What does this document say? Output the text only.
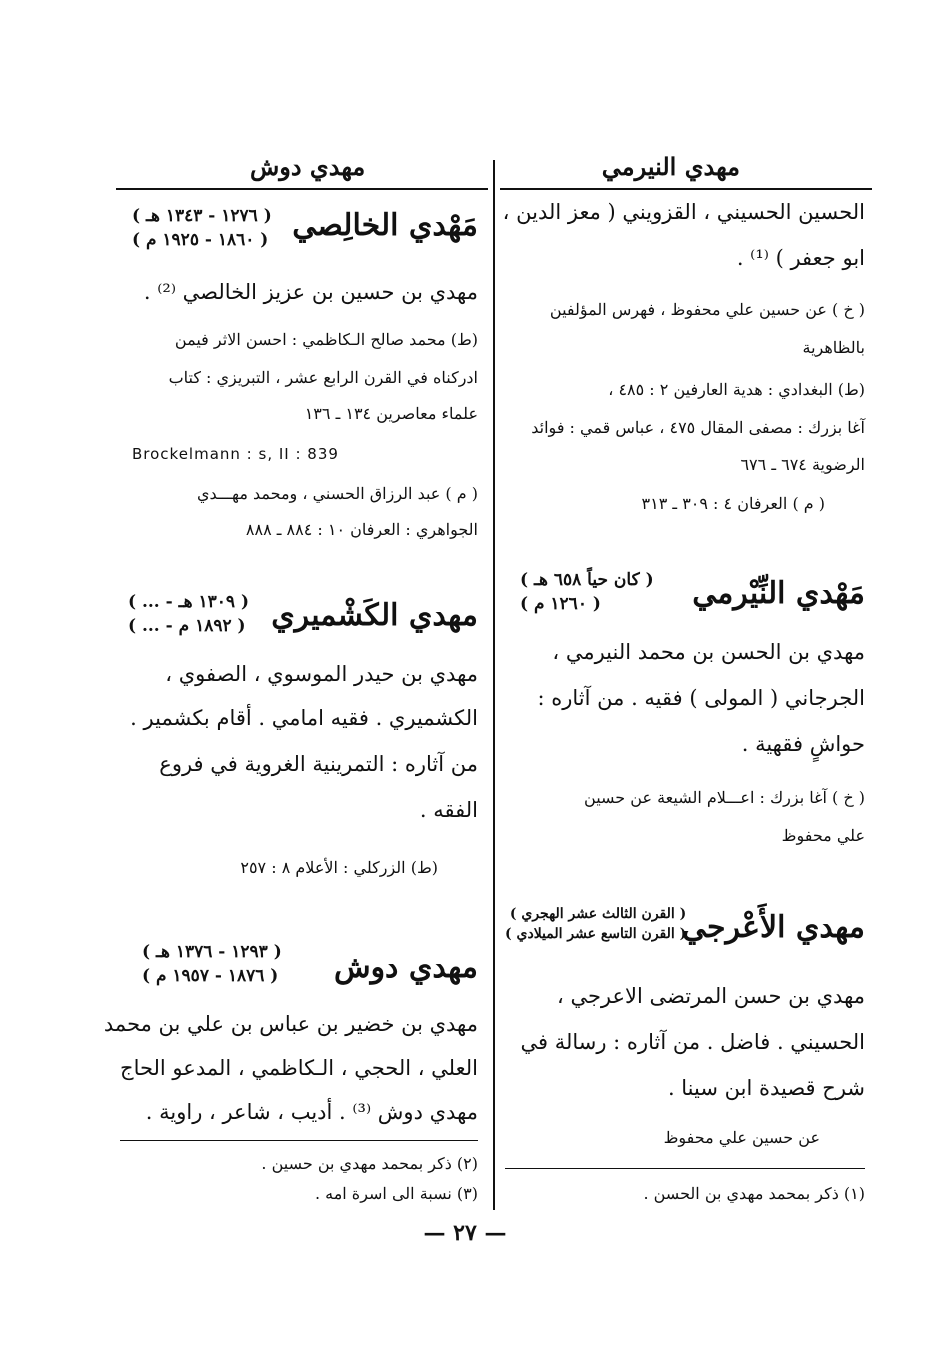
مهدي النيرمي
مهدي دوش
الحسين الحسيني ، القزويني ( معز الدين ،
ابو جعفر ) ⁽¹⁾ .
( خ ) عن حسين علي محفوظ ، فهرس المؤلفين
بالظاهرية
(ط) البغدادي : هدية العارفين ٢ : ٤٨٥ ،
آغا بزرك : مصفى المقال ٤٧٥ ، عباس قمي : فوائد
الرضوية ٦٧٤ ـ ٦٧٦
( م ) العرفان ٤ : ٣٠٩ ـ ٣١٣
مَهْدي النِّيْرمي
( كان حياً ٦٥٨ هـ )
( ١٢٦٠ م )
مهدي بن الحسن بن محمد النيرمي ،
الجرجاني ( المولى ) فقيه . من آثاره :
حواشٍ فقهية .
( خ ) آغا بزرك : اعـــلام الشيعة عن حسين
علي محفوظ
مهدي الأَعْرجي
( القرن الثالث عشر الهجري )
( القرن التاسع عشر الميلادي )
مهدي بن حسن المرتضى الاعرجي ،
الحسيني . فاضل . من آثاره : رسالة في
شرح قصيدة ابن سينا .
عن حسين علي محفوظ
(١) ذكر بمحمد مهدي بن الحسن .
مَهْدي الخالِصي
( ١٢٧٦ - ١٣٤٣ هـ )
( ١٨٦٠ - ١٩٢٥ م )
مهدي بن حسين بن عزيز الخالصي ⁽²⁾ .
(ط) محمد صالح الـكاظمي : احسن الاثر فيمن
ادركناه في القرن الرابع عشر ، التبريزي : كتاب
علماء معاصرين ١٣٤ ـ ١٣٦
Brockelmann : s, II : 839
( م ) عبد الرزاق الحسني ، ومحمد مهـــدي
الجواهري : العرفان ١٠ : ٨٨٤ ـ ٨٨٨
مهدي الكَشْميري
( ... - ١٣٠٩ هـ )
( ... - ١٨٩٢ م )
مهدي بن حيدر الموسوي ، الصفوي ،
الكشميري . فقيه امامي . أقام بكشمير .
من آثاره : التمرينية الغروية في فروع
الفقه .
(ط) الزركلي : الأعلام ٨ : ٢٥٧
مهدي دوش
( ١٢٩٣ - ١٣٧٦ هـ )
( ١٨٧٦ - ١٩٥٧ م )
مهدي بن خضير بن عباس بن علي بن محمد
العلي ، الحجي ، الـكاظمي ، المدعو الحاج
مهدي دوش ⁽³⁾ . أديب ، شاعر ، راوية .
(٢) ذكر بمحمد مهدي بن حسين .
(٣) نسبة الى اسرة امه .
— ٢٧ —
